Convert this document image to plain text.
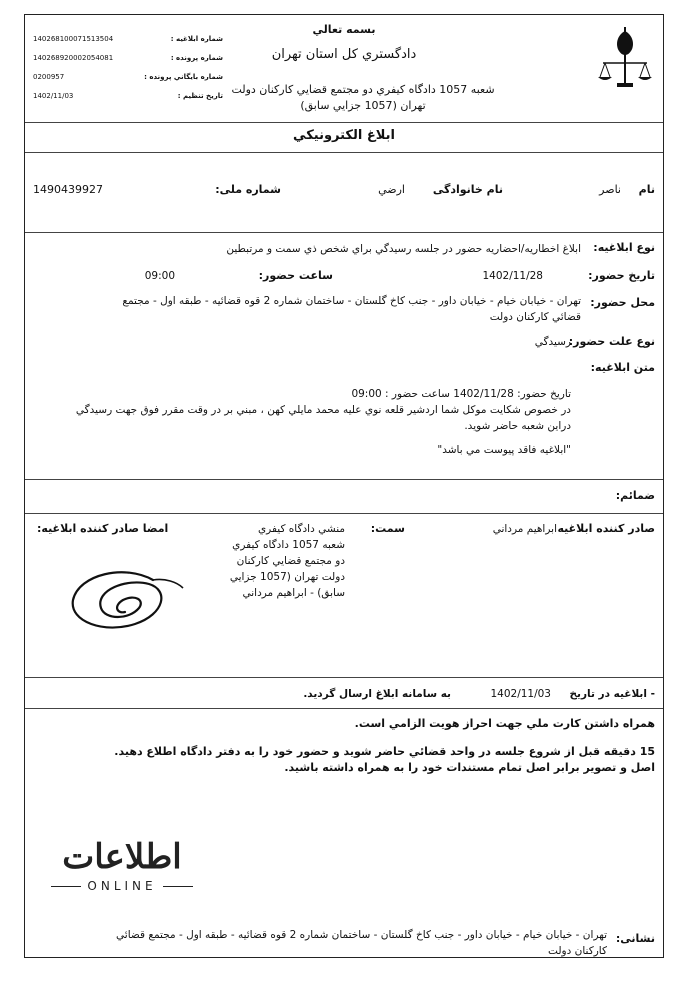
بسمه تعالي
دادگستري كل استان تهران
شعبه 1057 دادگاه كيفري دو مجتمع قضايي كاركنان دولت
تهران (1057 جزايي سابق)
شماره ابلاغيه :
140268100071513504
شماره پرونده :
140268920002054081
شماره بايگاني پرونده :
0200957
تاريخ تنظيم :
1402/11/03
ابلاغ الكترونيكي
نام
ناصر
نام خانوادگی
ارضي
شماره ملی:
1490439927
نوع ابلاغيه:
ابلاغ اخطاريه/احضاريه حضور در جلسه رسيدگي براي شخص ذي سمت و مرتبطين
تاريخ حضور:
1402/11/28
ساعت حضور:
09:00
محل حضور:
تهران - خيابان خيام - خيابان داور - جنب كاخ گلستان - ساختمان شماره 2 قوه قضائيه - طبقه اول - مجتمع
قضائي كاركنان دولت
نوع علت حضور:
رسيدگي
متن ابلاغيه:
تاريخ حضور: 1402/11/28 ساعت حضور : 09:00
در خصوص شكايت موكل شما اردشير قلعه نوي عليه محمد مايلي كهن ، مبني بر در وقت مقرر فوق جهت رسيدگي
دراين شعبه حاضر شويد.
"ابلاغيه فاقد پيوست مي باشد"
ضمائم:
صادر كننده ابلاغيه
ابراهيم مرداني
سمت:
منشي دادگاه كيفري
شعبه 1057 دادگاه كيفري
دو مجتمع قضايي كاركنان
دولت تهران (1057 جزايي
سابق) - ابراهيم مرداني
امضا صادر كننده ابلاغيه:
- ابلاغيه در تاريخ
1402/11/03
به سامانه ابلاغ ارسال گرديد.
همراه داشتن كارت ملي جهت احراز هويت الزامي است.
15 دقيقه قبل از شروع جلسه در واحد قضائي حاضر شويد و حضور خود را به دفتر دادگاه اطلاع دهيد.
اصل و تصوير برابر اصل تمام مستندات خود را به همراه داشته باشيد.
اطلاعات
ONLINE
نشانی:
تهران - خيابان خيام - خيابان داور - جنب كاخ گلستان - ساختمان شماره 2 قوه قضائيه - طبقه اول - مجتمع قضائي
كاركنان دولت
